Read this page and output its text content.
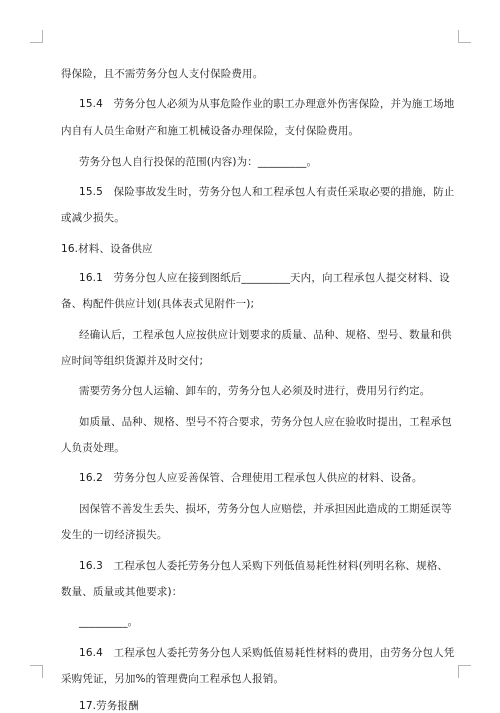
得保险，且不需劳务分包人支付保险费用。
15.4　劳务分包人必须为从事危险作业的职工办理意外伤害保险，并为施工场地
内自有人员生命财产和施工机械设备办理保险，支付保险费用。
劳务分包人自行投保的范围(内容)为：_________。
15.5　保险事故发生时，劳务分包人和工程承包人有责任采取必要的措施，防止
或减少损失。
16.材料、设备供应
16.1　劳务分包人应在接到图纸后_________天内，向工程承包人提交材料、设
备、构配件供应计划(具体表式见附件一);
经确认后，工程承包人应按供应计划要求的质量、品种、规格、型号、数量和供
应时间等组织货源并及时交付;
需要劳务分包人运输、卸车的，劳务分包人必须及时进行，费用另行约定。
如质量、品种、规格、型号不符合要求，劳务分包人应在验收时提出，工程承包
人负责处理。
16.2　劳务分包人应妥善保管、合理使用工程承包人供应的材料、设备。
因保管不善发生丢失、损坏，劳务分包人应赔偿，并承担因此造成的工期延误等
发生的一切经济损失。
16.3　工程承包人委托劳务分包人采购下列低值易耗性材料(列明名称、规格、
数量、质量或其他要求)：
_________。
16.4　工程承包人委托劳务分包人采购低值易耗性材料的费用，由劳务分包人凭
采购凭证，另加%的管理费向工程承包人报销。
17.劳务报酬
